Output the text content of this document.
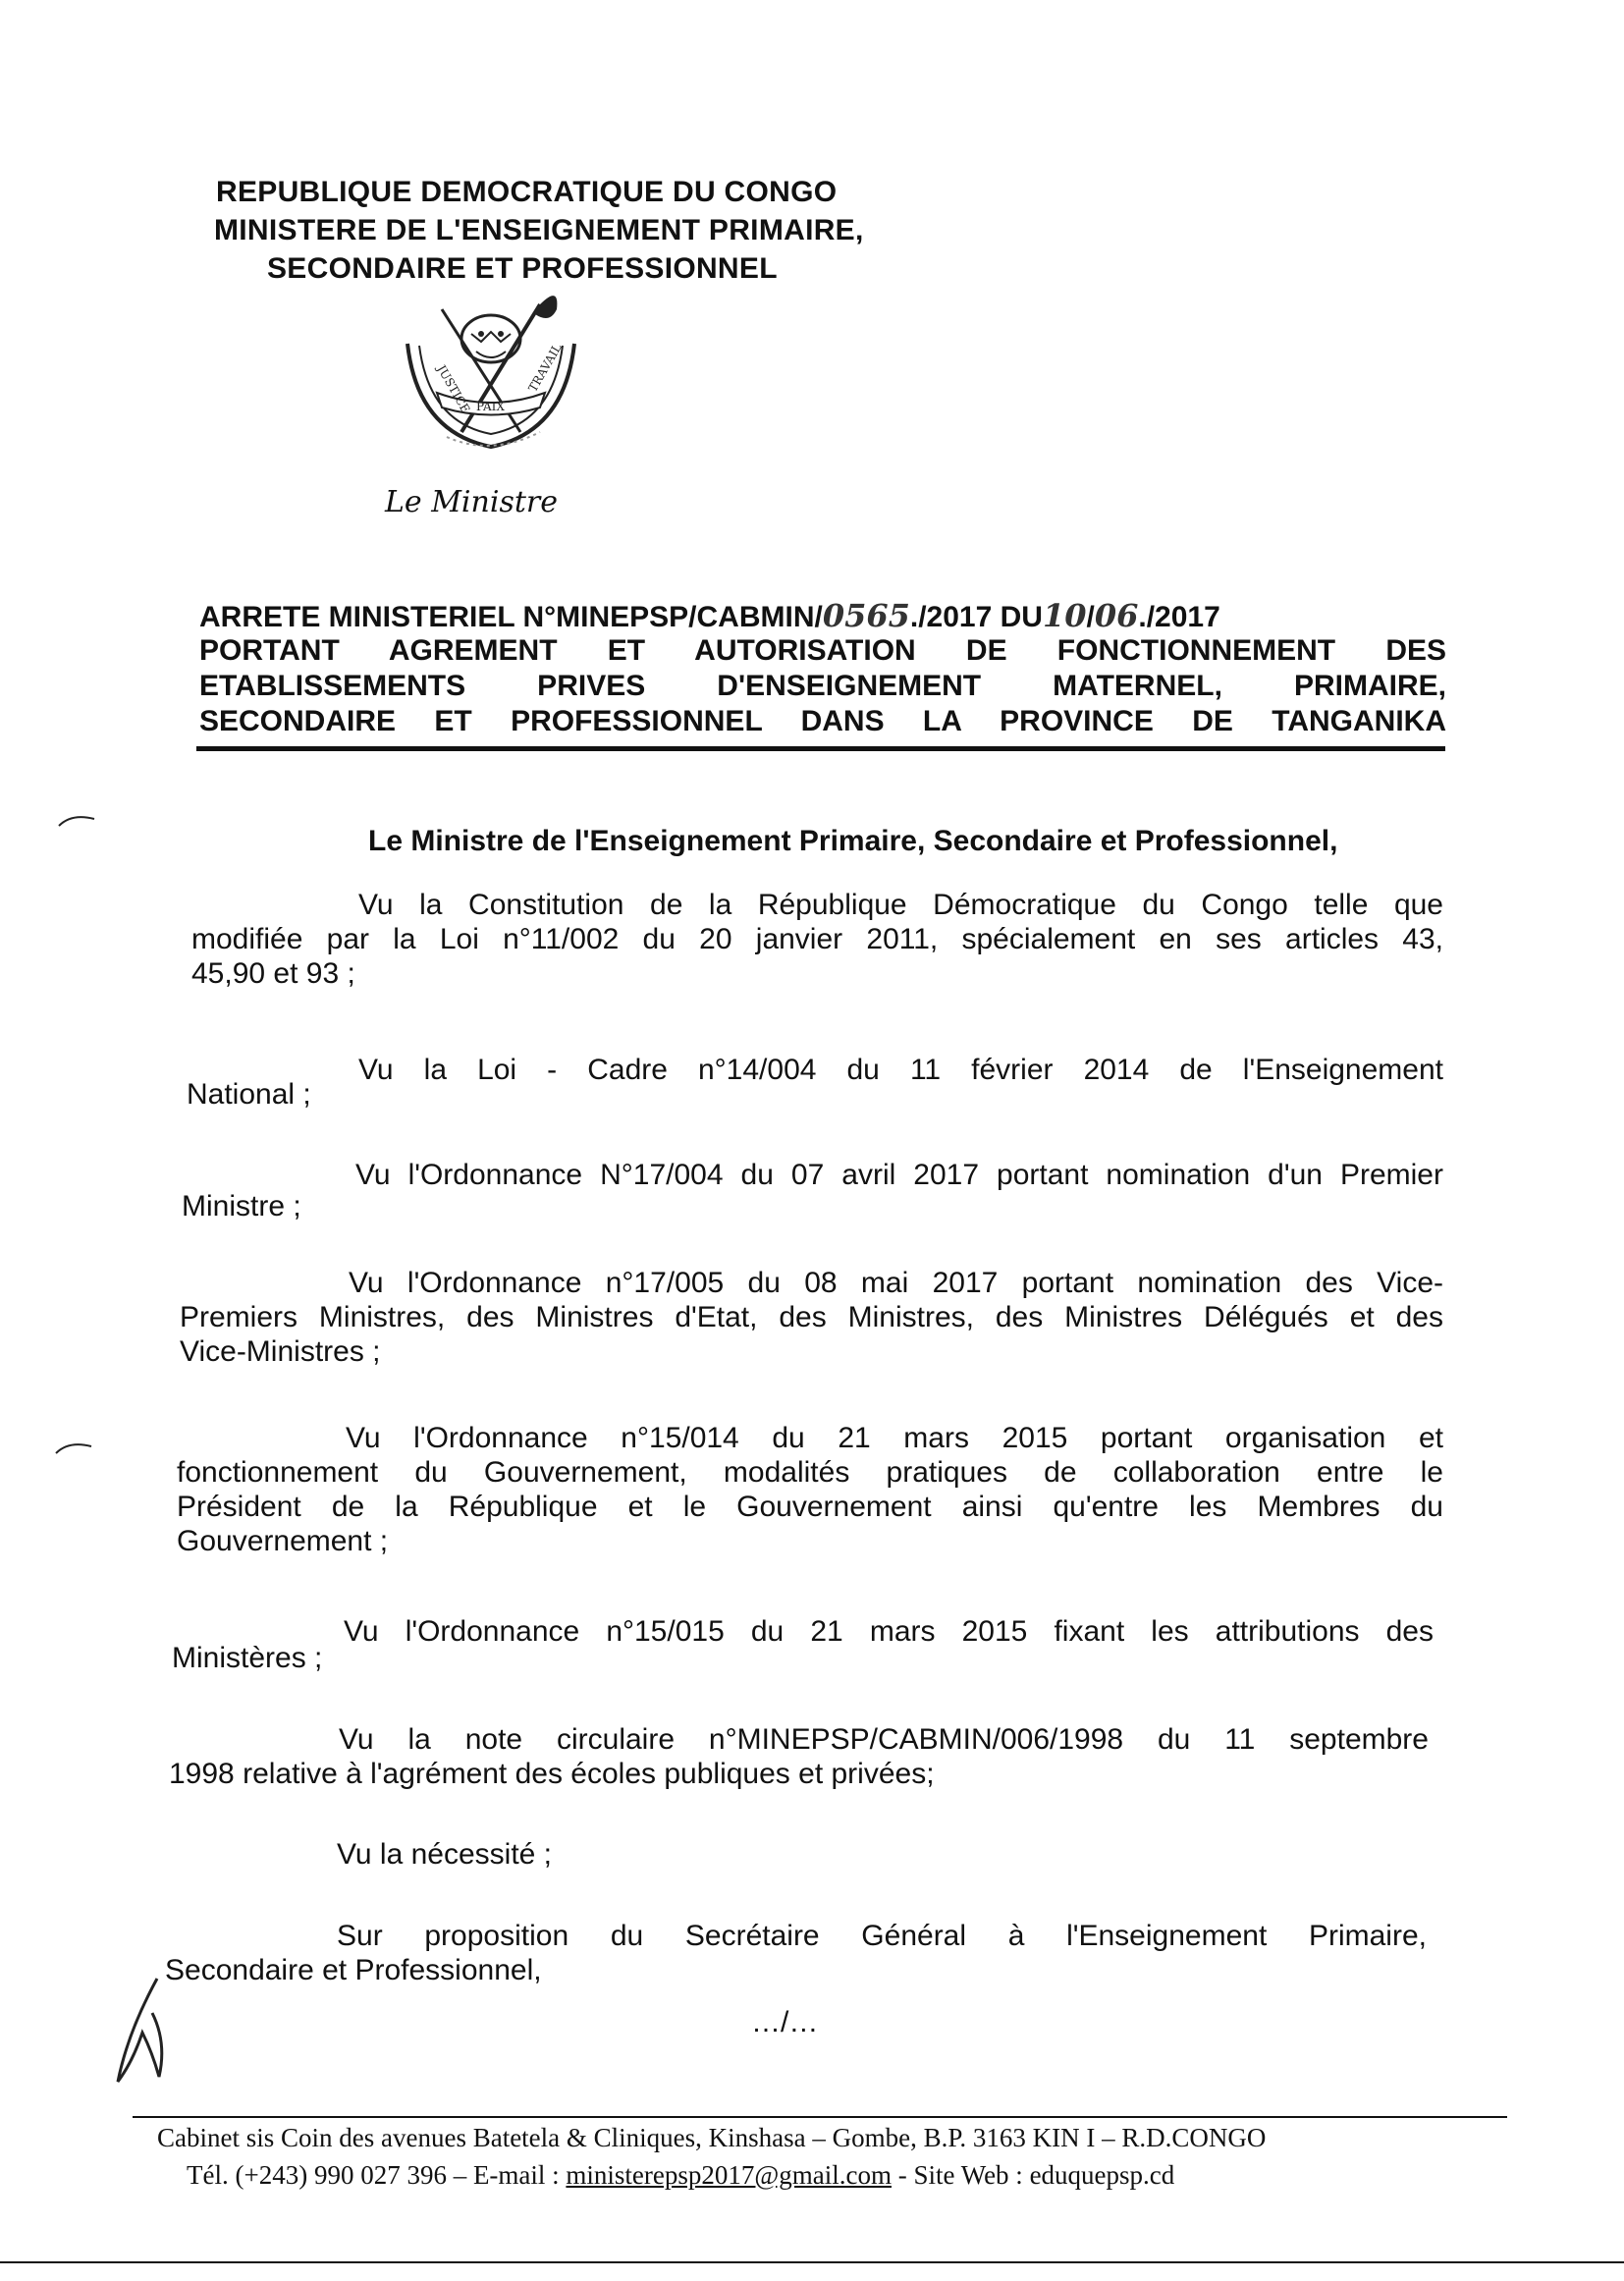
REPUBLIQUE DEMOCRATIQUE DU CONGO
MINISTERE DE L'ENSEIGNEMENT PRIMAIRE,
SECONDAIRE ET PROFESSIONNEL
JUSTICE PAIX
TRAVAIL
Le Ministre
ARRETE MINISTERIEL N°MINEPSP/CABMIN/0565./2017 DU10/06./2017
PORTANT AGREMENT ET AUTORISATION DE FONCTIONNEMENT DES
ETABLISSEMENTS PRIVES D'ENSEIGNEMENT MATERNEL, PRIMAIRE,
SECONDAIRE ET PROFESSIONNEL DANS LA PROVINCE DE TANGANIKA
Le Ministre de l'Enseignement Primaire, Secondaire et Professionnel,
Vu la Constitution de la République Démocratique du Congo telle que
modifiée par la Loi n°11/002 du 20 janvier 2011, spécialement en ses articles 43,
45,90 et 93 ;
Vu la Loi - Cadre n°14/004 du 11 février 2014 de l'Enseignement
National ;
Vu l'Ordonnance N°17/004 du 07 avril 2017 portant nomination d'un Premier
Ministre ;
Vu l'Ordonnance n°17/005 du 08 mai 2017 portant nomination des Vice-
Premiers Ministres, des Ministres d'Etat, des Ministres, des Ministres Délégués et des
Vice-Ministres ;
Vu l'Ordonnance n°15/014 du 21 mars 2015 portant organisation et
fonctionnement du Gouvernement, modalités pratiques de collaboration entre le
Président de la République et le Gouvernement ainsi qu'entre les Membres du
Gouvernement ;
Vu l'Ordonnance n°15/015 du 21 mars 2015 fixant les attributions des
Ministères ;
Vu la note circulaire n°MINEPSP/CABMIN/006/1998 du 11 septembre
1998 relative à l'agrément des écoles publiques et privées;
Vu la nécessité ;
Sur proposition du Secrétaire Général à l'Enseignement Primaire,
Secondaire et Professionnel,
…/…
Cabinet sis Coin des avenues Batetela & Cliniques, Kinshasa – Gombe, B.P. 3163 KIN I – R.D.CONGO
Tél. (+243) 990 027 396 – E-mail : ministerepsp2017@gmail.com - Site Web : eduquepsp.cd
